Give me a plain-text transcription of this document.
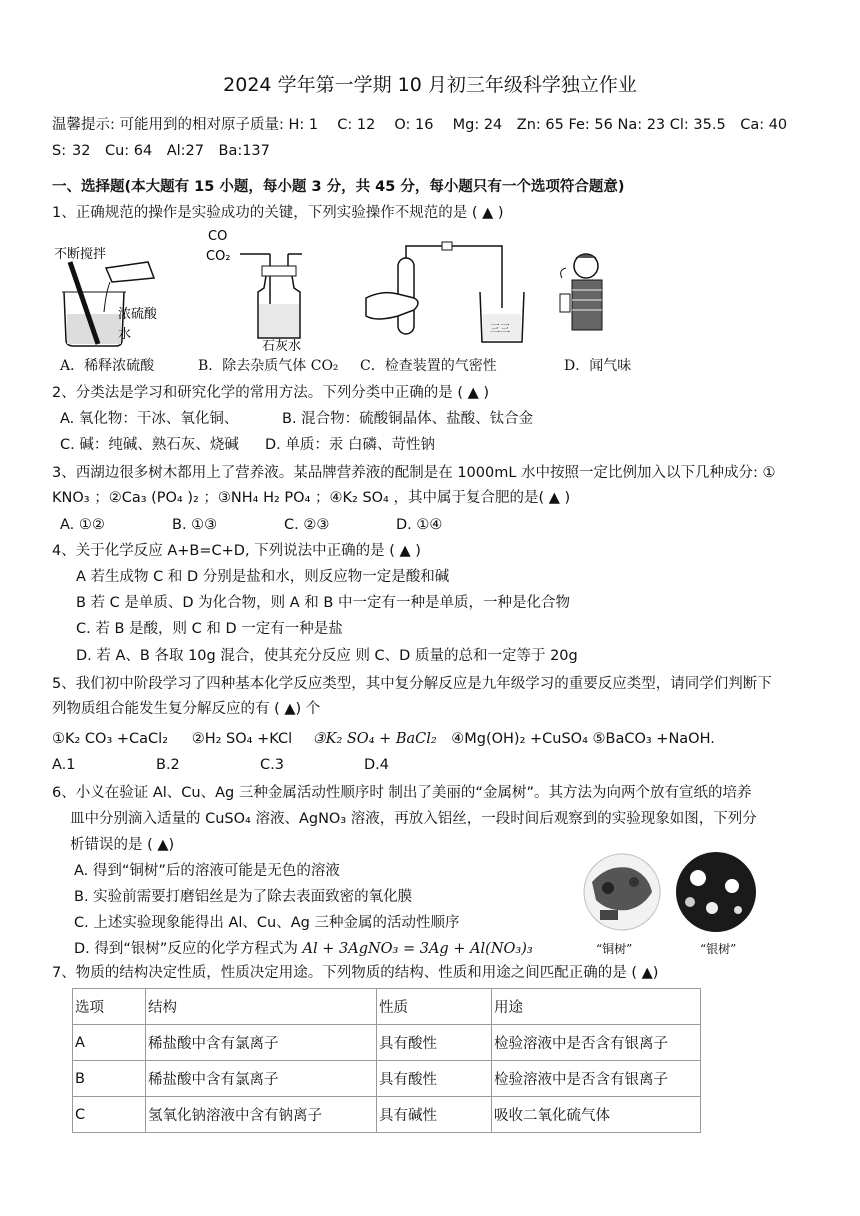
2024 学年第一学期 10 月初三年级科学独立作业
温馨提示: 可能用到的相对原子质量: H: 1　 C: 12　 O: 16　 Mg: 24　Zn: 65 Fe: 56 Na: 23 Cl: 35.5　Ca: 40　 S: 32　Cu: 64　Al:27　Ba:137
一、选择题(本大题有 15 小题，每小题 3 分，共 45 分，每小题只有一个选项符合题意)
1、正确规范的操作是实验成功的关键，下列实验操作不规范的是 ( ▲ )
不断搅拌
浓硫酸
水
CO
CO₂
石灰水
三三
A．稀释浓硫酸	B．除去杂质气体 CO₂ C．检查装置的气密性	D．闻气味
2、分类法是学习和研究化学的常用方法。下列分类中正确的是 ( ▲ )
A. 氧化物：干冰、氧化铜、	B. 混合物：硫酸铜晶体、盐酸、钛合金
C. 碱：纯碱、熟石灰、烧碱 D. 单质：汞 白磷、苛性钠
3、西湖边很多树木都用上了营养液。某品牌营养液的配制是在 1000mL 水中按照一定比例加入以下几种成分: ①
KNO₃ ；②Ca₃ (PO₄ )₂ ；③NH₄ H₂ PO₄ ；④K₂ SO₄ ，其中属于复合肥的是( ▲ )
A. ①②	B. ①③	C. ②③	D. ①④
4、关于化学反应 A+B=C+D, 下列说法中正确的是 ( ▲ )
A 若生成物 C 和 D 分别是盐和水，则反应物一定是酸和碱
B 若 C 是单质、D 为化合物，则 A 和 B 中一定有一种是单质，一种是化合物
C. 若 B 是酸，则 C 和 D 一定有一种是盐
D. 若 A、B 各取 10g 混合，使其充分反应 则 C、D 质量的总和一定等于 20g
5、我们初中阶段学习了四种基本化学反应类型，其中复分解反应是九年级学习的重要反应类型，请同学们判断下
列物质组合能发生复分解反应的有 ( ▲) 个
①K₂ CO₃ +CaCl₂ 　 ②H₂ SO₄ +KCl　③K₂ SO₄ + BaCl₂　④Mg(OH)₂ +CuSO₄ ⑤BaCO₃ +NaOH.
A.1	B.2	C.3	D.4
6、小义在验证 Al、Cu、Ag 三种金属活动性顺序时 制出了美丽的“金属树”。其方法为向两个放有宣纸的培养
皿中分别滴入适量的 CuSO₄ 溶液、AgNO₃ 溶液，再放入铝丝，一段时间后观察到的实验现象如图，下列分
析错误的是 ( ▲)
A. 得到“铜树”后的溶液可能是无色的溶液
B. 实验前需要打磨铝丝是为了除去表面致密的氧化膜
C. 上述实验现象能得出 Al、Cu、Ag 三种金属的活动性顺序
D. 得到“银树”反应的化学方程式为 Al + 3AgNO₃ = 3Ag + Al(NO₃)₃	“铜树”	“银树”
7、物质的结构决定性质，性质决定用途。下列物质的结构、性质和用途之间匹配正确的是 ( ▲)
选项	结构	性质	用途
A	稀盐酸中含有氯离子	具有酸性	检验溶液中是否含有银离子
B	稀盐酸中含有氯离子	具有酸性	检验溶液中是否含有银离子
C	氢氧化钠溶液中含有钠离子	具有碱性	吸收二氧化硫气体
